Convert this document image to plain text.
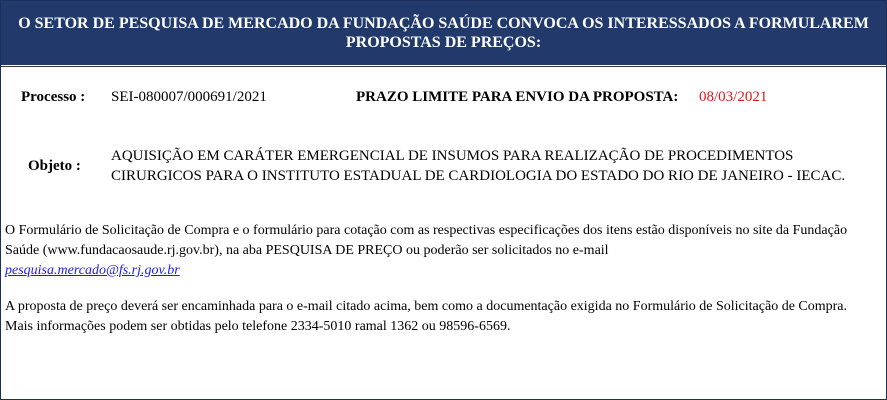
O SETOR DE PESQUISA DE MERCADO DA FUNDAÇÃO SAÚDE CONVOCA OS INTERESSADOS A FORMULAREM PROPOSTAS DE PREÇOS:
Processo : SEI-080007/000691/2021	PRAZO LIMITE PARA ENVIO DA PROPOSTA: 08/03/2021
Objeto :
AQUISIÇÃO EM CARÁTER EMERGENCIAL DE INSUMOS PARA REALIZAÇÃO DE PROCEDIMENTOS CIRURGICOS PARA O INSTITUTO ESTADUAL DE CARDIOLOGIA DO ESTADO DO RIO DE JANEIRO - IECAC.
O Formulário de Solicitação de Compra e o formulário para cotação com as respectivas especificações dos itens estão disponíveis no site da Fundação Saúde (www.fundacaosaude.rj.gov.br), na aba PESQUISA DE PREÇO ou poderão ser solicitados no e-mail
pesquisa.mercado@fs.rj.gov.br
A proposta de preço deverá ser encaminhada para o e-mail citado acima, bem como a documentação exigida no Formulário de Solicitação de Compra.
Mais informações podem ser obtidas pelo telefone 2334-5010 ramal 1362 ou 98596-6569.
